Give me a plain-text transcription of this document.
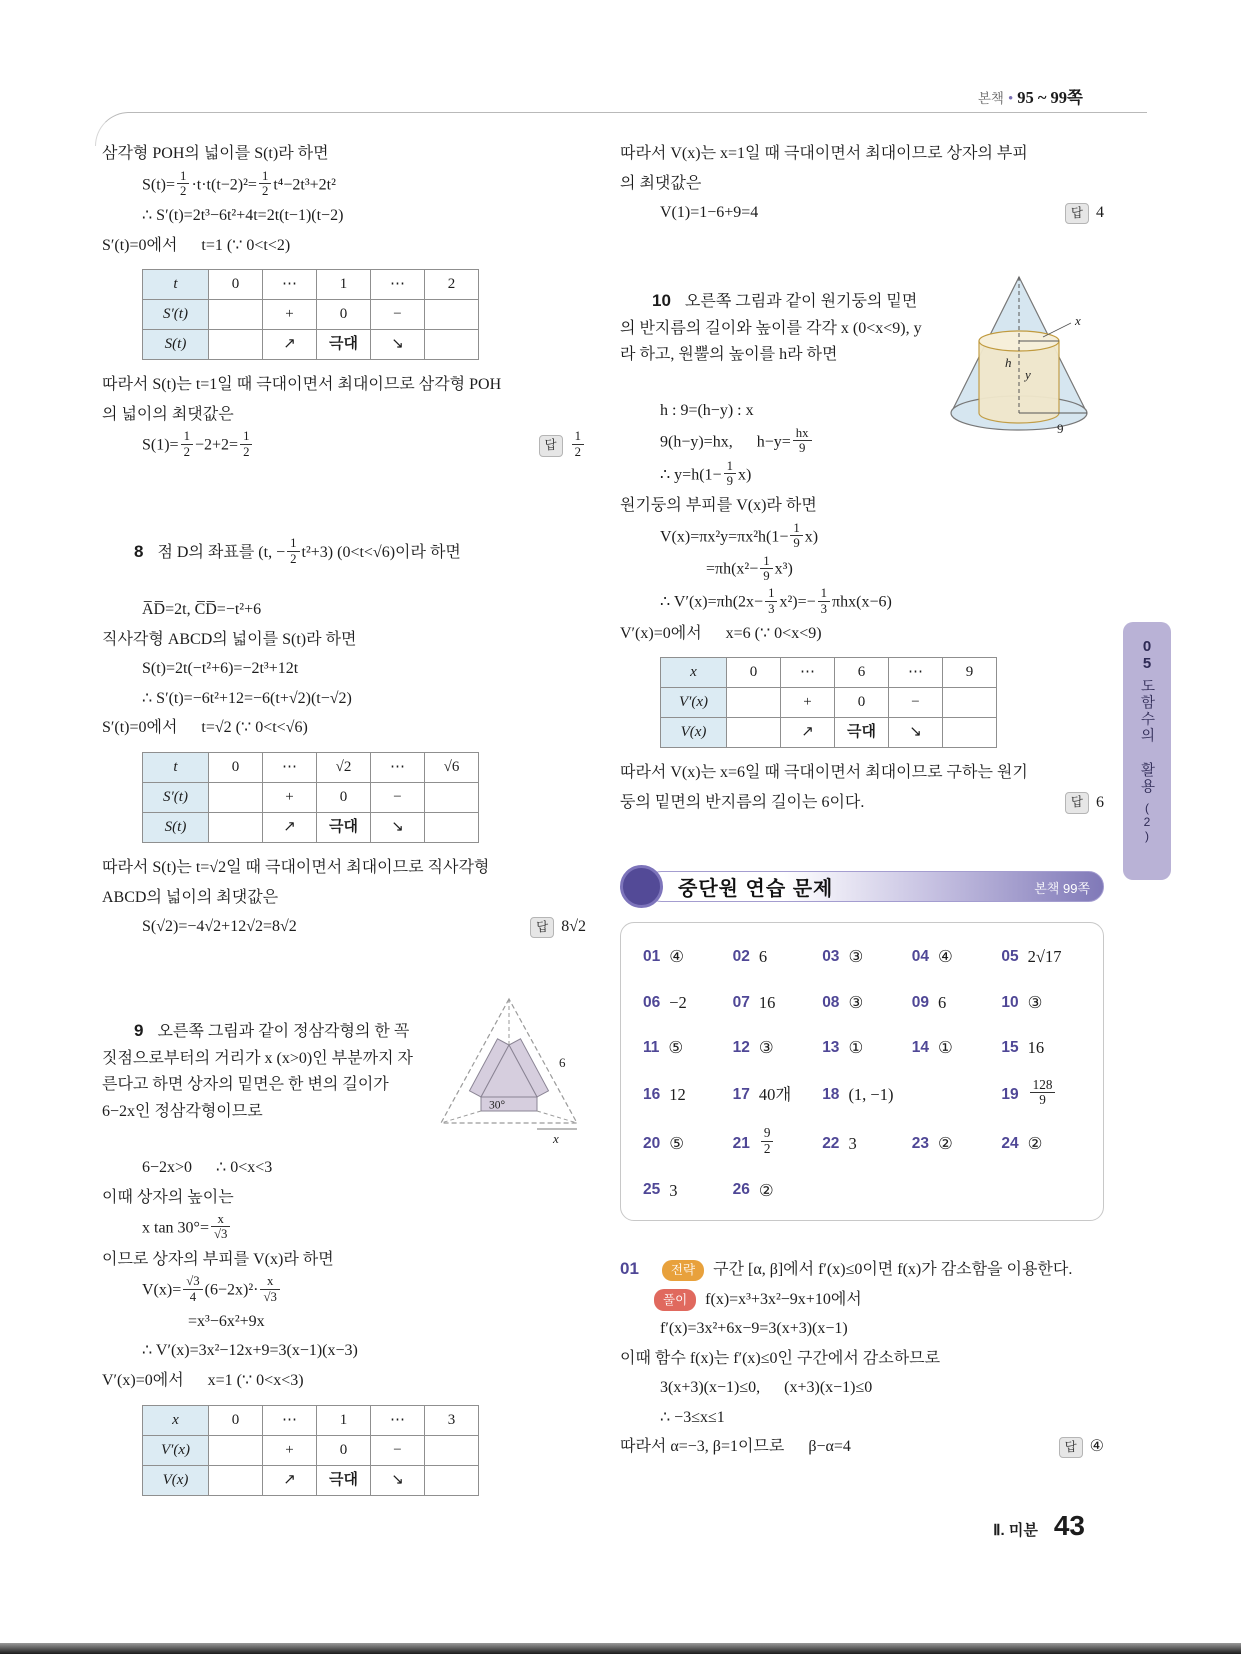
본책 • 95 ~ 99쪽
삼각형 POH의 넓이를 S(t)라 하면
$S(t)= \frac{1}{2} \cdot t\cdot t(t-2)^2= \frac{1}{2} t^4-2t^3+2t^2$
∴ S′(t)=2t³−6t²+4t=2t(t−1)(t−2)
S′(t)=0에서      t=1 (∵ 0<t<2)
t	0	⋯	1	⋯	2
S′(t)		+	0	−	
S(t)		↗	극대	↘	
따라서 S(t)는 t=1일 때 극대이면서 최대이므로 삼각형 POH
의 넓이의 최댓값은
$S(1)= \frac{1}{2} -2+2= \frac{1}{2}$	답	$\frac{1}{2}$

8 점 D의 좌표를 (t, − $\frac{1}{2} t^2+3$) (0<t<√6)이라 하면

A̅D̅=2t, C̅D̅=−t²+6
직사각형 ABCD의 넓이를 S(t)라 하면
S(t)=2t(−t²+6)=−2t³+12t
∴ S′(t)=−6t²+12=−6(t+√2)(t−√2)
S′(t)=0에서      t=√2 (∵ 0<t<√6)
t	0	⋯	√2	⋯	√6
S′(t)		+	0	−	
S(t)		↗	극대	↘	
따라서 S(t)는 t=√2일 때 극대이면서 최대이므로 직사각형
ABCD의 넓이의 최댓값은
S(√2)=−4√2+12√2=8√2	답 8√2
6
30°
x

9 오른쪽 그림과 같이 정삼각형의 한 꼭짓점으로부터의 거리가 x (x>0)인 부분까지 자른다고 하면 상자의 밑면은 한 변의 길이가 6−2x인 정삼각형이므로

6−2x>0      ∴ 0<x<3
이때 상자의 높이는
x $\tan 30^\circ= \frac{x}{√3}$
이므로 상자의 부피를 V(x)라 하면
$V(x)= \frac{√3}{4} (6-2x)^2\cdot \frac{x}{√3}$
=x³−6x²+9x
∴ V′(x)=3x²−12x+9=3(x−1)(x−3)
V′(x)=0에서      x=1 (∵ 0<x<3)
x	0	⋯	1	⋯	3
V′(x)		+	0	−	
V(x)		↗	극대	↘	
따라서 V(x)는 x=1일 때 극대이면서 최대이므로 상자의 부피
의 최댓값은
V(1)=1−6+9=4	답 4
x
h
y
9

10 오른쪽 그림과 같이 원기둥의 밑면의 반지름의 길이와 높이를 각각 x (0<x<9), y라 하고, 원뿔의 높이를 h라 하면

h : 9=(h−y) : x
9(h−y)=hx,      $h-y= \frac{hx}{9}$
∴ $y=h(1- \frac{1}{9} x)$
원기둥의 부피를 V(x)라 하면
$V(x)=\pi x^2y=\pi x^2h(1- \frac{1}{9} x)$
$=\pi h(x^2- \frac{1}{9} x^3)$
∴ $V'(x)=\pi h(2x- \frac{1}{3} x^2)=- \frac{1}{3} \pi hx(x-6)$
V′(x)=0에서      x=6 (∵ 0<x<9)
x	0	⋯	6	⋯	9
V′(x)		+	0	−	
V(x)		↗	극대	↘	
따라서 V(x)는 x=6일 때 극대이면서 최대이므로 구하는 원기
둥의 밑면의 반지름의 길이는 6이다.	답 6
중단원 연습 문제	본책 99쪽
01 ④	02 6	03 ③	04 ④	05 2√17
06 −2	07 16	08 ③	09 6	10 ③
11 ⑤	12 ③	13 ①	14 ①	15 16
16 12	17 40개 18 (1, −1)	$19 \frac{128}{9}$
20 ⑤	$21 \frac{9}{2}$	22 3	23 ②	24 ②
25 3	26 ②
01	전략	구간 [α, β]에서 f′(x)≤0이면 f(x)가 감소함을 이용한다.
풀이	f(x)=x³+3x²−9x+10에서
f′(x)=3x²+6x−9=3(x+3)(x−1)
이때 함수 f(x)는 f′(x)≤0인 구간에서 감소하므로
3(x+3)(x−1)≤0,      (x+3)(x−1)≤0
∴ −3≤x≤1
따라서 α=−3, β=1이므로      β−α=4	답 ④
05
도함수의 활용
(2)
Ⅱ. 미분 43
